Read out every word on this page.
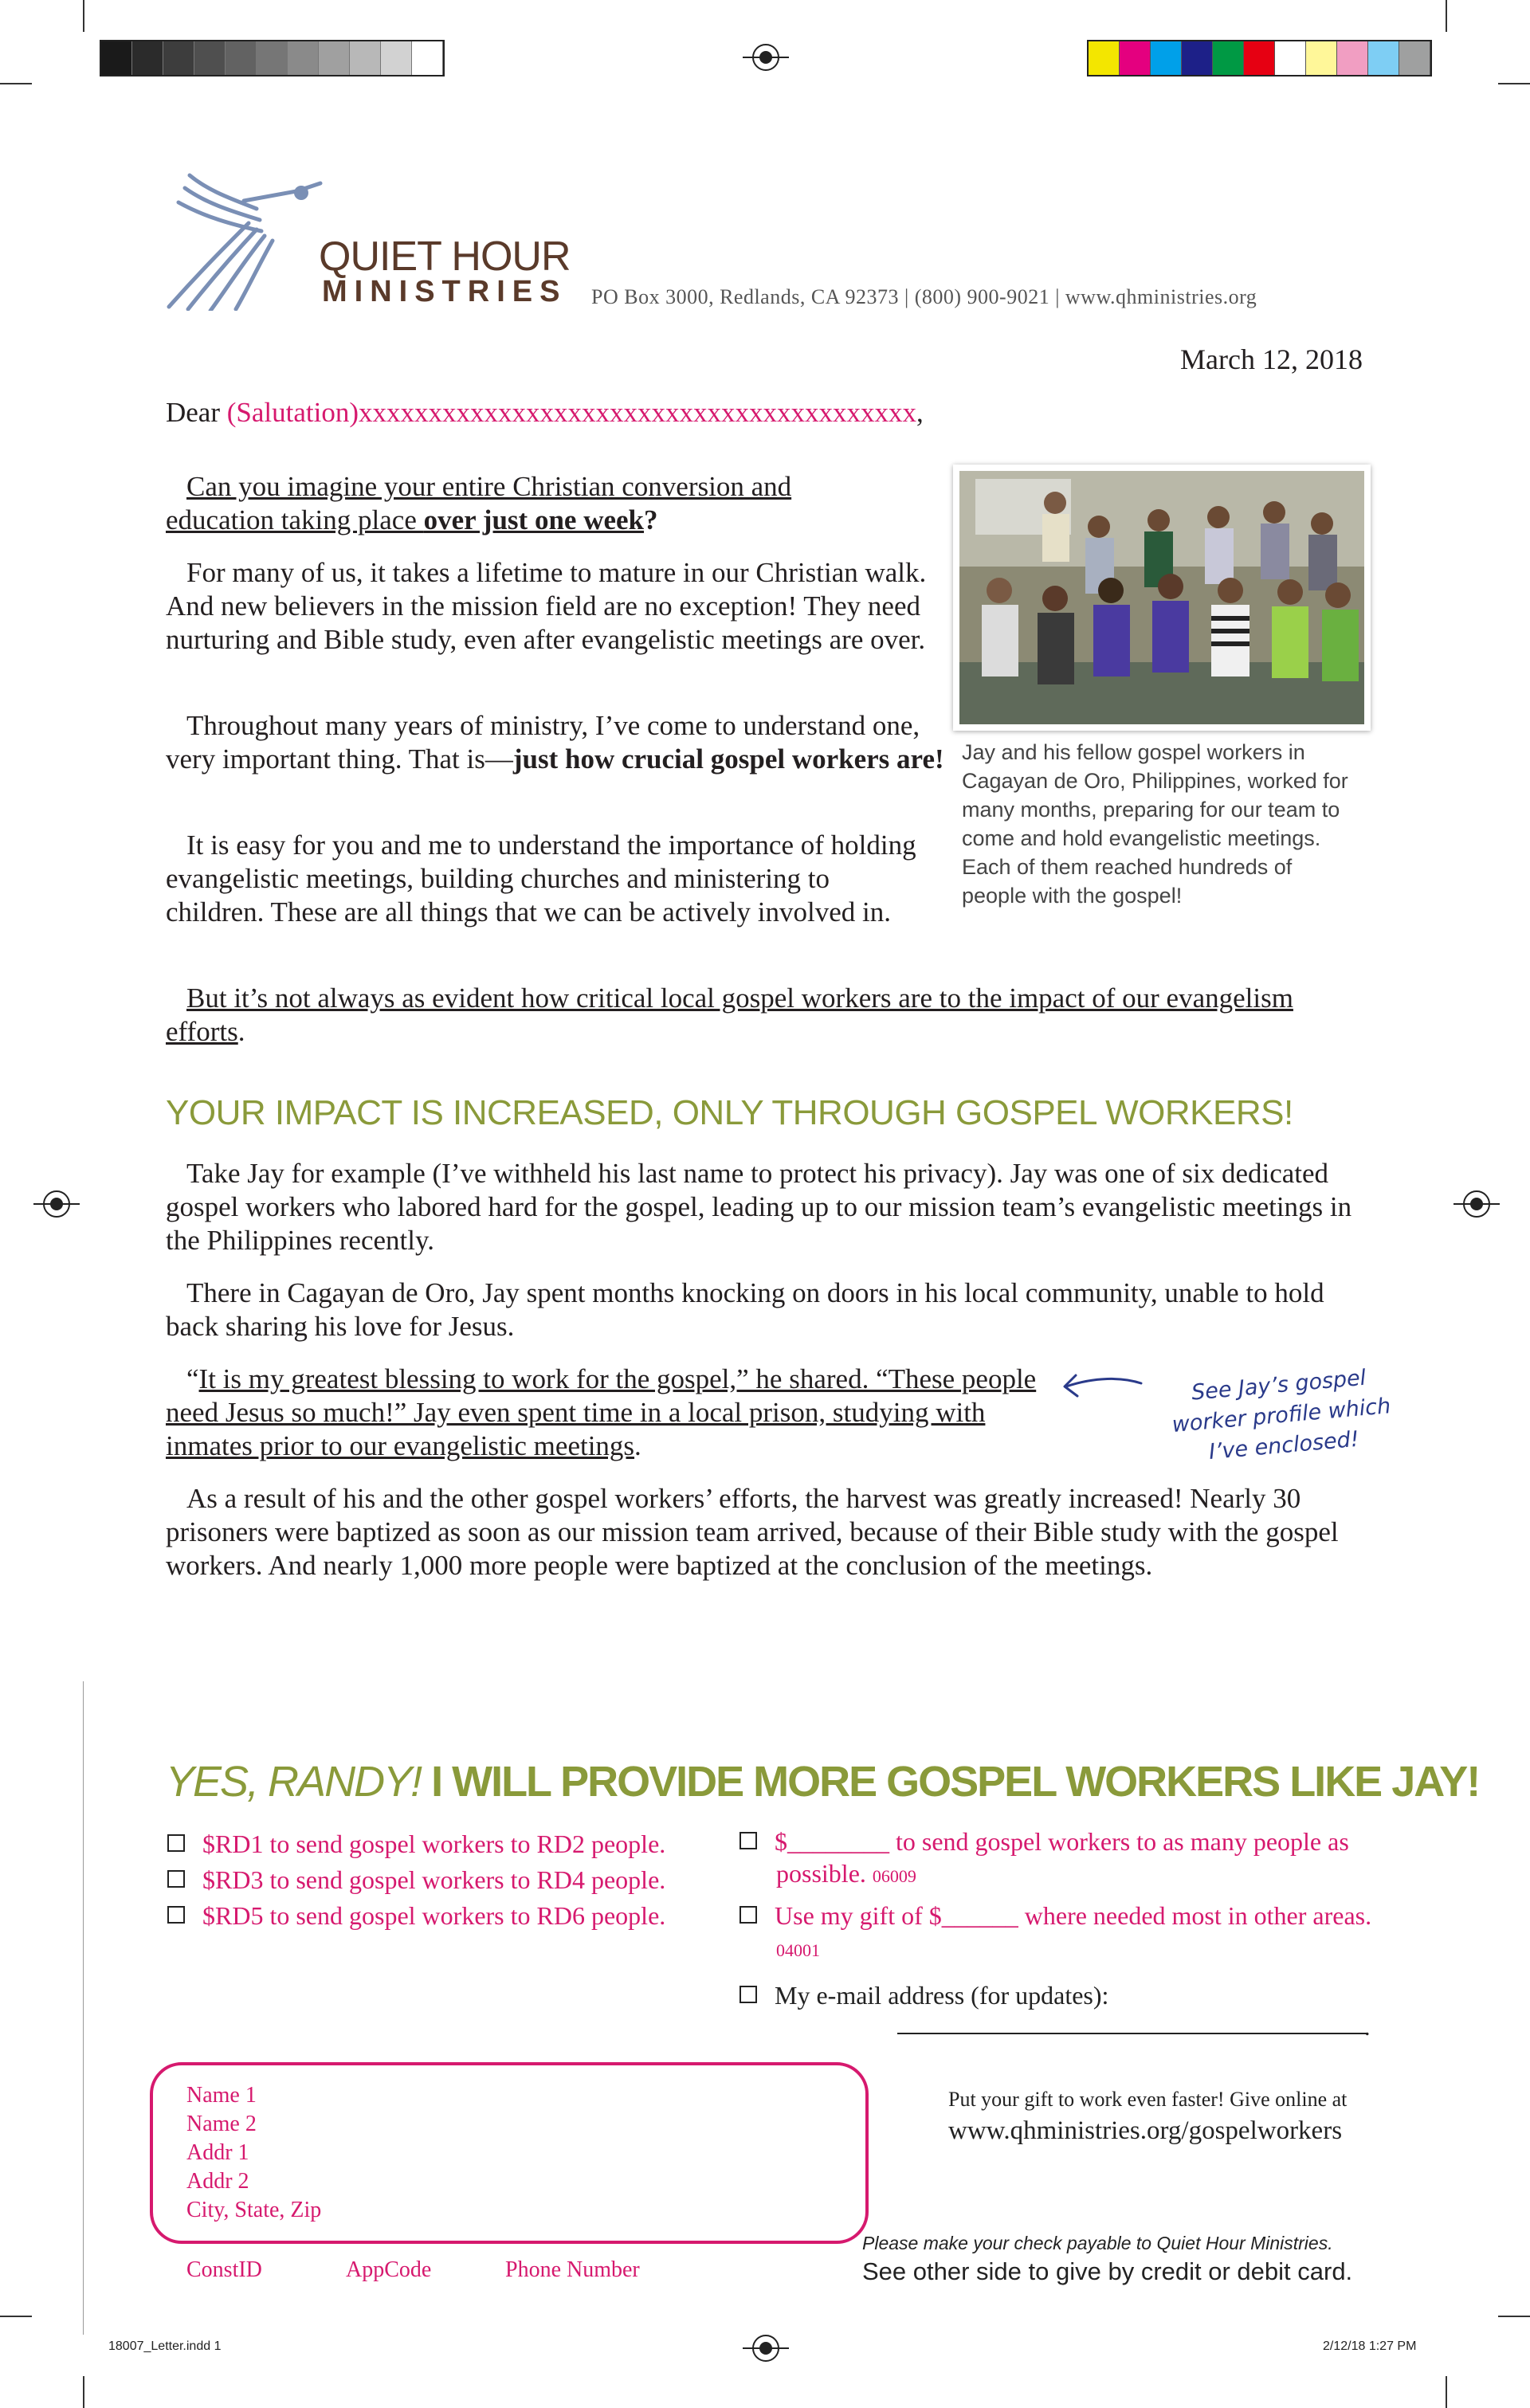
QUIET HOUR
MINISTRIES PO Box 3000, Redlands, CA 92373 | (800) 900-9021 | www.qhministries.org
March 12, 2018
Dear (Salutation)xxxxxxxxxxxxxxxxxxxxxxxxxxxxxxxxxxxxxxxx,

Can you imagine your entire Christian conversion and education taking place over just one week?

For many of us, it takes a lifetime to mature in our Christian walk. And new believers in the mission field are no exception! They need nurturing and Bible study, even after evangelistic meetings are over.

Throughout many years of ministry, I’ve come to understand one, very important thing. That is—just how crucial gospel workers are!

It is easy for you and me to understand the importance of holding evangelistic meetings, building churches and ministering to children. These are all things that we can be actively involved in.

Jay and his fellow gospel workers in Cagayan de Oro, Philippines, worked for many months, preparing for our team to come and hold evangelistic meetings. Each of them reached hundreds of people with the gospel!

But it’s not always as evident how critical local gospel workers are to the impact of our evangelism efforts.

YOUR IMPACT IS INCREASED, ONLY THROUGH GOSPEL WORKERS!

Take Jay for example (I’ve withheld his last name to protect his privacy). Jay was one of six dedicated gospel workers who labored hard for the gospel, leading up to our mission team’s evangelistic meetings in the Philippines recently.

There in Cagayan de Oro, Jay spent months knocking on doors in his local community, unable to hold back sharing his love for Jesus.

“It is my greatest blessing to work for the gospel,” he shared. “These people need Jesus so much!” Jay even spent time in a local prison, studying with inmates prior to our evangelistic meetings.

See Jay’s gospel worker profile which I’ve enclosed!

As a result of his and the other gospel workers’ efforts, the harvest was greatly increased! Nearly 30 prisoners were baptized as soon as our mission team arrived, because of their Bible study with the gospel workers. And nearly 1,000 more people were baptized at the conclusion of the meetings.

YES, RANDY! I WILL PROVIDE MORE GOSPEL WORKERS LIKE JAY!
$RD1 to send gospel workers to RD2 people.
$RD3 to send gospel workers to RD4 people.
$RD5 to send gospel workers to RD6 people.
$________ to send gospel workers to as many people as possible. 06009
Use my gift of $______ where needed most in other areas. 04001
My e-mail address (for updates):
.
Name 1
Name 2
Addr 1
Addr 2
City, State, Zip
ConstID	AppCode	Phone Number
Put your gift to work even faster! Give online at
www.qhministries.org/gospelworkers
Please make your check payable to Quiet Hour Ministries.
See other side to give by credit or debit card.
18007_Letter.indd 1	2/12/18 1:27 PM
